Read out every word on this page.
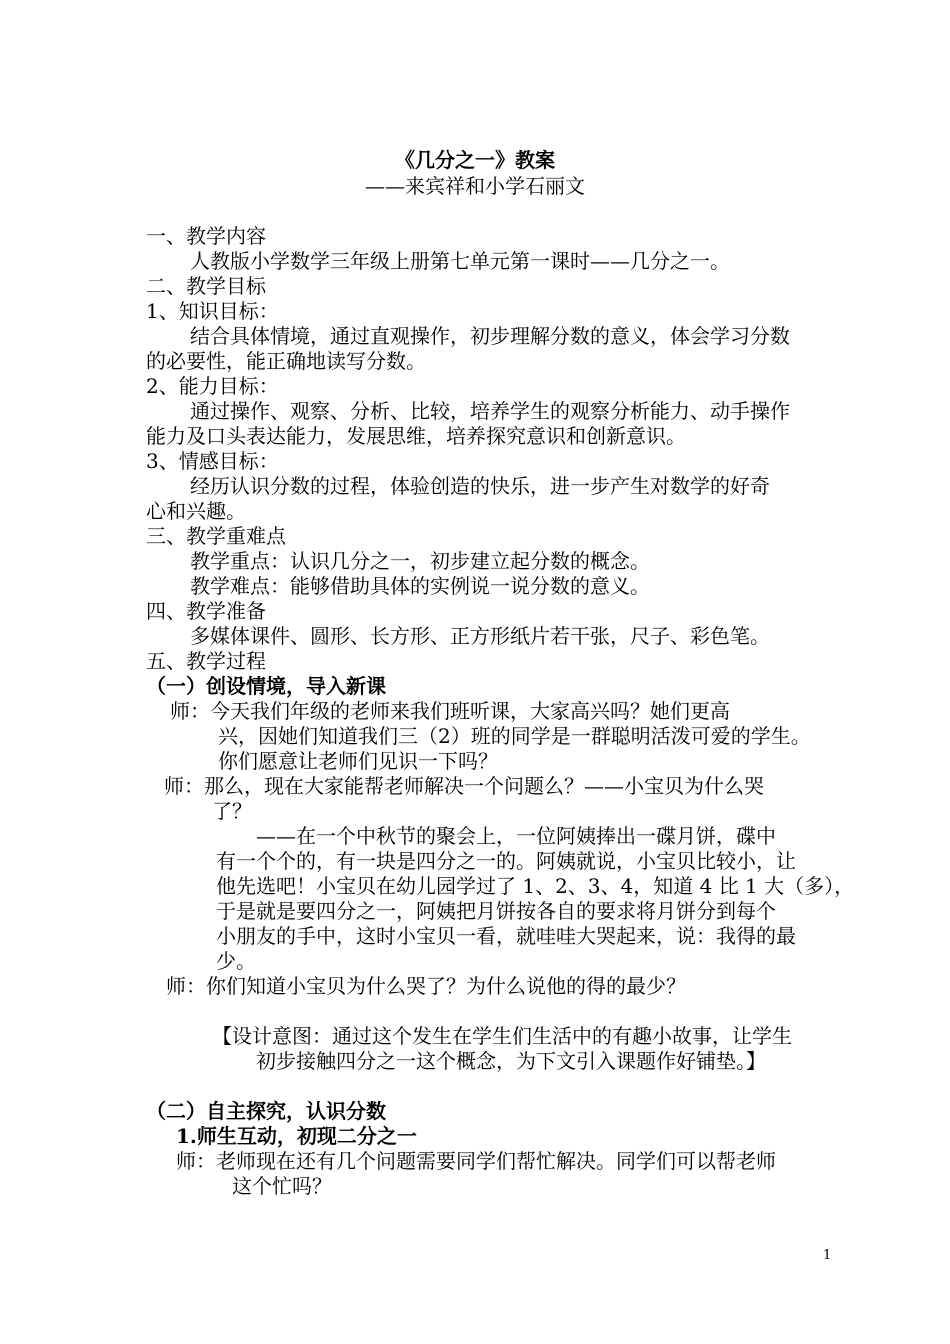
《几分之一》教案
——来宾祥和小学石丽文
一、教学内容
人教版小学数学三年级上册第七单元第一课时——几分之一。
二、教学目标
1、知识目标：
结合具体情境，通过直观操作，初步理解分数的意义，体会学习分数
的必要性，能正确地读写分数。
2、能力目标：
通过操作、观察、分析、比较，培养学生的观察分析能力、动手操作
能力及口头表达能力，发展思维，培养探究意识和创新意识。
3、情感目标：
经历认识分数的过程，体验创造的快乐，进一步产生对数学的好奇
心和兴趣。
三、教学重难点
教学重点：认识几分之一，初步建立起分数的概念。
教学难点：能够借助具体的实例说一说分数的意义。
四、教学准备
多媒体课件、圆形、长方形、正方形纸片若干张，尺子、彩色笔。
五、教学过程
（一）创设情境，导入新课
师：今天我们年级的老师来我们班听课，大家高兴吗？她们更高
兴，因她们知道我们三（2）班的同学是一群聪明活泼可爱的学生。
你们愿意让老师们见识一下吗？
师：那么，现在大家能帮老师解决一个问题么？——小宝贝为什么哭
了？
——在一个中秋节的聚会上，一位阿姨捧出一碟月饼，碟中
有一个个的，有一块是四分之一的。阿姨就说，小宝贝比较小，让
他先选吧！小宝贝在幼儿园学过了 1、2、3、4，知道 4 比 1 大（多），
于是就是要四分之一，阿姨把月饼按各自的要求将月饼分到每个
小朋友的手中，这时小宝贝一看，就哇哇大哭起来，说：我得的最
少。
师：你们知道小宝贝为什么哭了？为什么说他的得的最少？
【设计意图：通过这个发生在学生们生活中的有趣小故事，让学生
初步接触四分之一这个概念，为下文引入课题作好铺垫。】
（二）自主探究，认识分数
1.师生互动，初现二分之一
师：老师现在还有几个问题需要同学们帮忙解决。同学们可以帮老师
这个忙吗？
1
